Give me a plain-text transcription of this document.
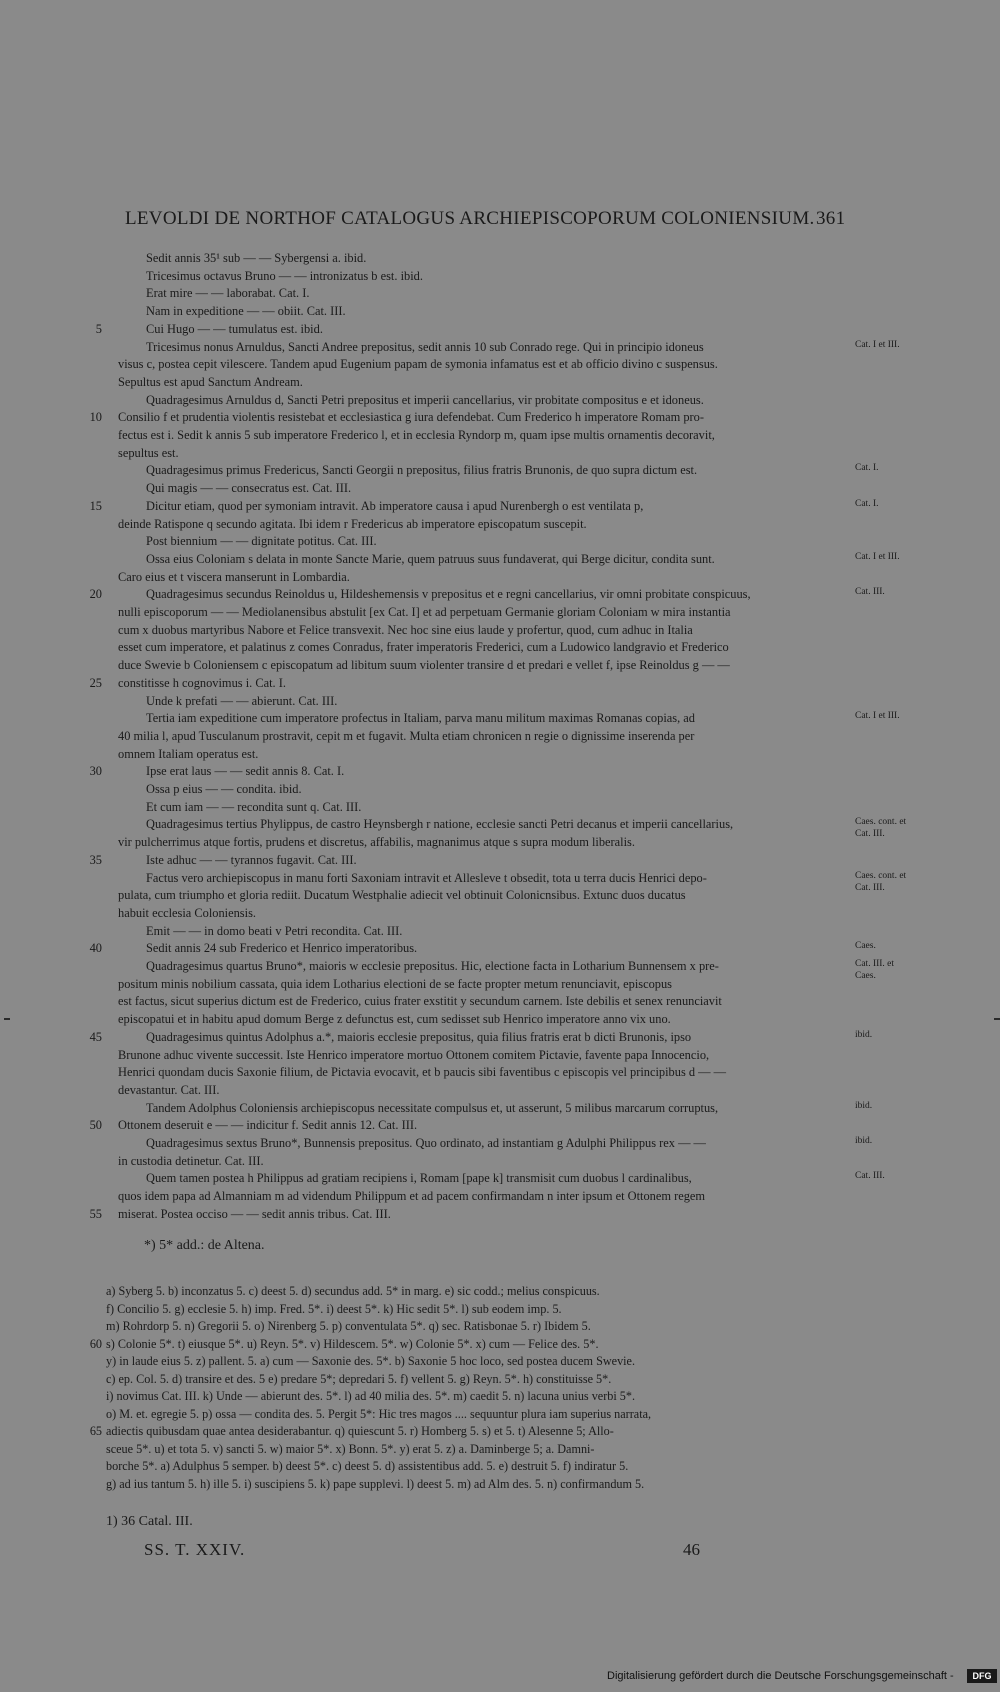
LEVOLDI DE NORTHOF CATALOGUS ARCHIEPISCOPORUM COLONIENSIUM. 361
Sedit annis 35¹ sub — — Sybergensi a. ibid.
Tricesimus octavus Bruno — — intronizatus b est. ibid.
Erat mire — — laborabat. Cat. I.
Nam in expeditione — — obiit. Cat. III.
5	Cui Hugo — — tumulatus est. ibid.
Tricesimus nonus Arnuldus, Sancti Andree prepositus, sedit annis 10 sub Conrado rege. Qui in principio idoneus	Cat. I et III.
visus c, postea cepit vilescere. Tandem apud Eugenium papam de symonia infamatus est et ab officio divino c suspensus.
Sepultus est apud Sanctum Andream.
Quadragesimus Arnuldus d, Sancti Petri prepositus et imperii cancellarius, vir probitate compositus e et idoneus.
10 Consilio f et prudentia violentis resistebat et ecclesiastica g iura defendebat. Cum Frederico h imperatore Romam pro-
fectus est i. Sedit k annis 5 sub imperatore Frederico l, et in ecclesia Ryndorp m, quam ipse multis ornamentis decoravit,
sepultus est.
Quadragesimus primus Fredericus, Sancti Georgii n prepositus, filius fratris Brunonis, de quo supra dictum est.	Cat. I.
Qui magis — — consecratus est. Cat. III.
15	Dicitur etiam, quod per symoniam intravit. Ab imperatore causa i apud Nurenbergh o est ventilata p,	Cat. I.
deinde Ratispone q secundo agitata. Ibi idem r Fredericus ab imperatore episcopatum suscepit.
Post biennium — — dignitate potitus. Cat. III.
Ossa eius Coloniam s delata in monte Sancte Marie, quem patruus suus fundaverat, qui Berge dicitur, condita sunt.	Cat. I et III.
Caro eius et t viscera manserunt in Lombardia.
20	Quadragesimus secundus Reinoldus u, Hildeshemensis v prepositus et e regni cancellarius, vir omni probitate conspicuus,	Cat. III.
nulli episcoporum — — Mediolanensibus abstulit [ex Cat. I] et ad perpetuam Germanie gloriam Coloniam w mira instantia
cum x duobus martyribus Nabore et Felice transvexit. Nec hoc sine eius laude y profertur, quod, cum adhuc in Italia
esset cum imperatore, et palatinus z comes Conradus, frater imperatoris Frederici, cum a Ludowico landgravio et Frederico
duce Swevie b Coloniensem c episcopatum ad libitum suum violenter transire d et predari e vellet f, ipse Reinoldus g — —
25 constitisse h cognovimus i. Cat. I.
Unde k prefati — — abierunt. Cat. III.
Tertia iam expeditione cum imperatore profectus in Italiam, parva manu militum maximas Romanas copias, ad	Cat. I et III.
40 milia l, apud Tusculanum prostravit, cepit m et fugavit. Multa etiam chronicen n regie o dignissime inserenda per
omnem Italiam operatus est.
30	Ipse erat laus — — sedit annis 8. Cat. I.
Ossa p eius — — condita. ibid.
Et cum iam — — recondita sunt q. Cat. III.
Quadragesimus tertius Phylippus, de castro Heynsbergh r natione, ecclesie sancti Petri decanus et imperii cancellarius,	Caes. cont. et Cat. III.
vir pulcherrimus atque fortis, prudens et discretus, affabilis, magnanimus atque s supra modum liberalis.
35	Iste adhuc — — tyrannos fugavit. Cat. III.
Factus vero archiepiscopus in manu forti Saxoniam intravit et Allesleve t obsedit, tota u terra ducis Henrici depo-	Caes. cont. et Cat. III.
pulata, cum triumpho et gloria rediit. Ducatum Westphalie adiecit vel obtinuit Colonicnsibus. Extunc duos ducatus
habuit ecclesia Coloniensis.
Emit — — in domo beati v Petri recondita. Cat. III.
40	Sedit annis 24 sub Frederico et Henrico imperatoribus.	Caes.
Quadragesimus quartus Bruno*, maioris w ecclesie prepositus. Hic, electione facta in Lotharium Bunnensem x pre-	Cat. III. et Caes.
positum minis nobilium cassata, quia idem Lotharius electioni de se facte propter metum renunciavit, episcopus
est factus, sicut superius dictum est de Frederico, cuius frater exstitit y secundum carnem. Iste debilis et senex renunciavit
episcopatui et in habitu apud domum Berge z defunctus est, cum sedisset sub Henrico imperatore anno vix uno.
45	Quadragesimus quintus Adolphus a.*, maioris ecclesie prepositus, quia filius fratris erat b dicti Brunonis, ipso	ibid.
Brunone adhuc vivente successit. Iste Henrico imperatore mortuo Ottonem comitem Pictavie, favente papa Innocencio,
Henrici quondam ducis Saxonie filium, de Pictavia evocavit, et b paucis sibi faventibus c episcopis vel principibus d — —
devastantur. Cat. III.
Tandem Adolphus Coloniensis archiepiscopus necessitate compulsus et, ut asserunt, 5 milibus marcarum corruptus,	ibid.
50 Ottonem deseruit e — — indicitur f. Sedit annis 12. Cat. III.
Quadragesimus sextus Bruno*, Bunnensis prepositus. Quo ordinato, ad instantiam g Adulphi Philippus rex — —	ibid.
in custodia detinetur. Cat. III.
Quem tamen postea h Philippus ad gratiam recipiens i, Romam [pape k] transmisit cum duobus l cardinalibus,	Cat. III.
quos idem papa ad Almanniam m ad videndum Philippum et ad pacem confirmandam n inter ipsum et Ottonem regem
55 miserat. Postea occiso — — sedit annis tribus. Cat. III.
*) 5* add.: de Altena.
a) Syberg 5. b) inconzatus 5. c) deest 5. d) secundus add. 5* in marg. e) sic codd.; melius conspicuus.
f) Concilio 5. g) ecclesie 5. h) imp. Fred. 5*. i) deest 5*. k) Hic sedit 5*. l) sub eodem imp. 5.
m) Rohrdorp 5. n) Gregorii 5. o) Nirenberg 5. p) conventulata 5*. q) sec. Ratisbonae 5. r) Ibidem 5.
60 s) Colonie 5*. t) eiusque 5*. u) Reyn. 5*. v) Hildescem. 5*. w) Colonie 5*. x) cum — Felice des. 5*.
y) in laude eius 5. z) pallent. 5. a) cum — Saxonie des. 5*. b) Saxonie 5 hoc loco, sed postea ducem Swevie.
c) ep. Col. 5. d) transire et des. 5 e) predare 5*; depredari 5. f) vellent 5. g) Reyn. 5*. h) constituisse 5*.
i) novimus Cat. III. k) Unde — abierunt des. 5*. l) ad 40 milia des. 5*. m) caedit 5. n) lacuna unius verbi 5*.
o) M. et. egregie 5. p) ossa — condita des. 5. Pergit 5*: Hic tres magos .... sequuntur plura iam superius narrata,
65 adiectis quibusdam quae antea desiderabantur. q) quiescunt 5. r) Homberg 5. s) et 5. t) Alesenne 5; Allo-
sceue 5*. u) et tota 5. v) sancti 5. w) maior 5*. x) Bonn. 5*. y) erat 5. z) a. Daminberge 5; a. Damni-
borche 5*. a) Adulphus 5 semper. b) deest 5*. c) deest 5. d) assistentibus add. 5. e) destruit 5. f) indiratur 5.
g) ad ius tantum 5. h) ille 5. i) suscipiens 5. k) pape supplevi. l) deest 5. m) ad Alm des. 5. n) confirmandum 5.
1) 36 Catal. III.
SS. T. XXIV.	46
Digitalisierung gefördert durch die Deutsche Forschungsgemeinschaft -	DFG
